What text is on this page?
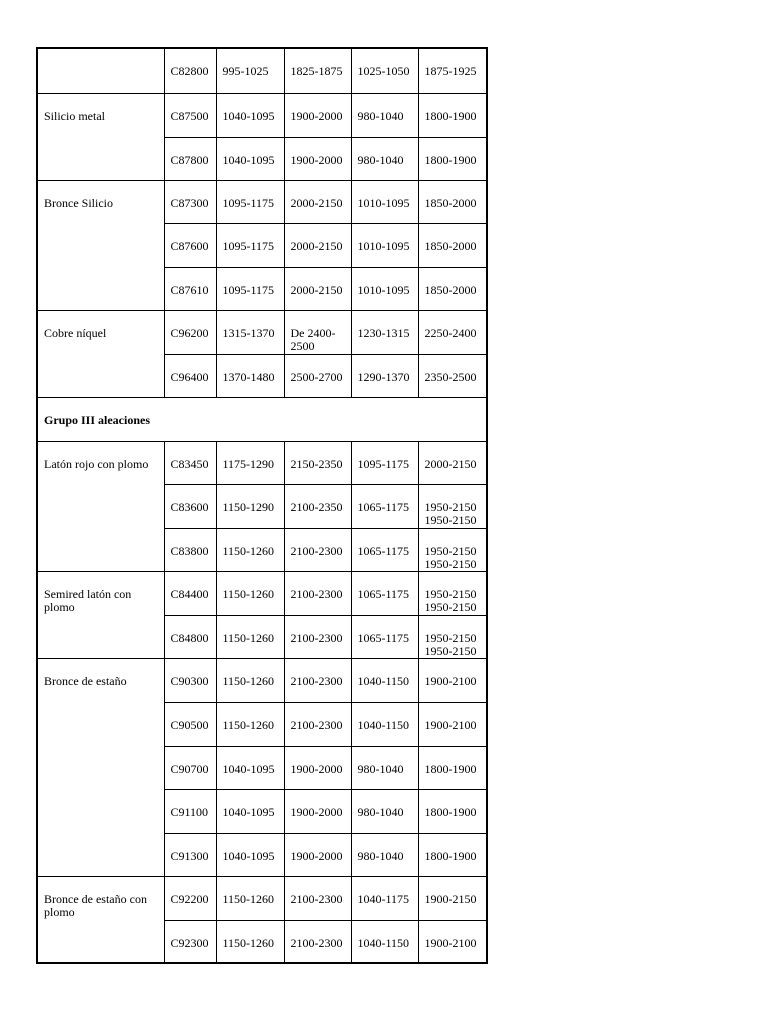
	C82800	995-1025	1825-1875	1025-1050	1875-1925
Silicio metal	C87500	1040-1095	1900-2000	980-1040	1800-1900
	C87800	1040-1095	1900-2000	980-1040	1800-1900
Bronce Silicio	C87300	1095-1175	2000-2150	1010-1095	1850-2000
	C87600	1095-1175	2000-2150	1010-1095	1850-2000
	C87610	1095-1175	2000-2150	1010-1095	1850-2000
Cobre níquel	C96200	1315-1370	De 2400-2500	1230-1315	2250-2400
	C96400	1370-1480	2500-2700	1290-1370	2350-2500
Grupo III aleaciones					
Latón rojo con plomo	C83450	1175-1290	2150-2350	1095-1175	2000-2150
	C83600	1150-1290	2100-2350	1065-1175	1950-2150 1950-2150
	C83800	1150-1260	2100-2300	1065-1175	1950-2150 1950-2150
Semired latón con plomo	C84400	1150-1260	2100-2300	1065-1175	1950-2150 1950-2150
	C84800	1150-1260	2100-2300	1065-1175	1950-2150 1950-2150
Bronce de estaño	C90300	1150-1260	2100-2300	1040-1150	1900-2100
	C90500	1150-1260	2100-2300	1040-1150	1900-2100
	C90700	1040-1095	1900-2000	980-1040	1800-1900
	C91100	1040-1095	1900-2000	980-1040	1800-1900
	C91300	1040-1095	1900-2000	980-1040	1800-1900
Bronce de estaño con plomo	C92200	1150-1260	2100-2300	1040-1175	1900-2150
	C92300	1150-1260	2100-2300	1040-1150	1900-2100
